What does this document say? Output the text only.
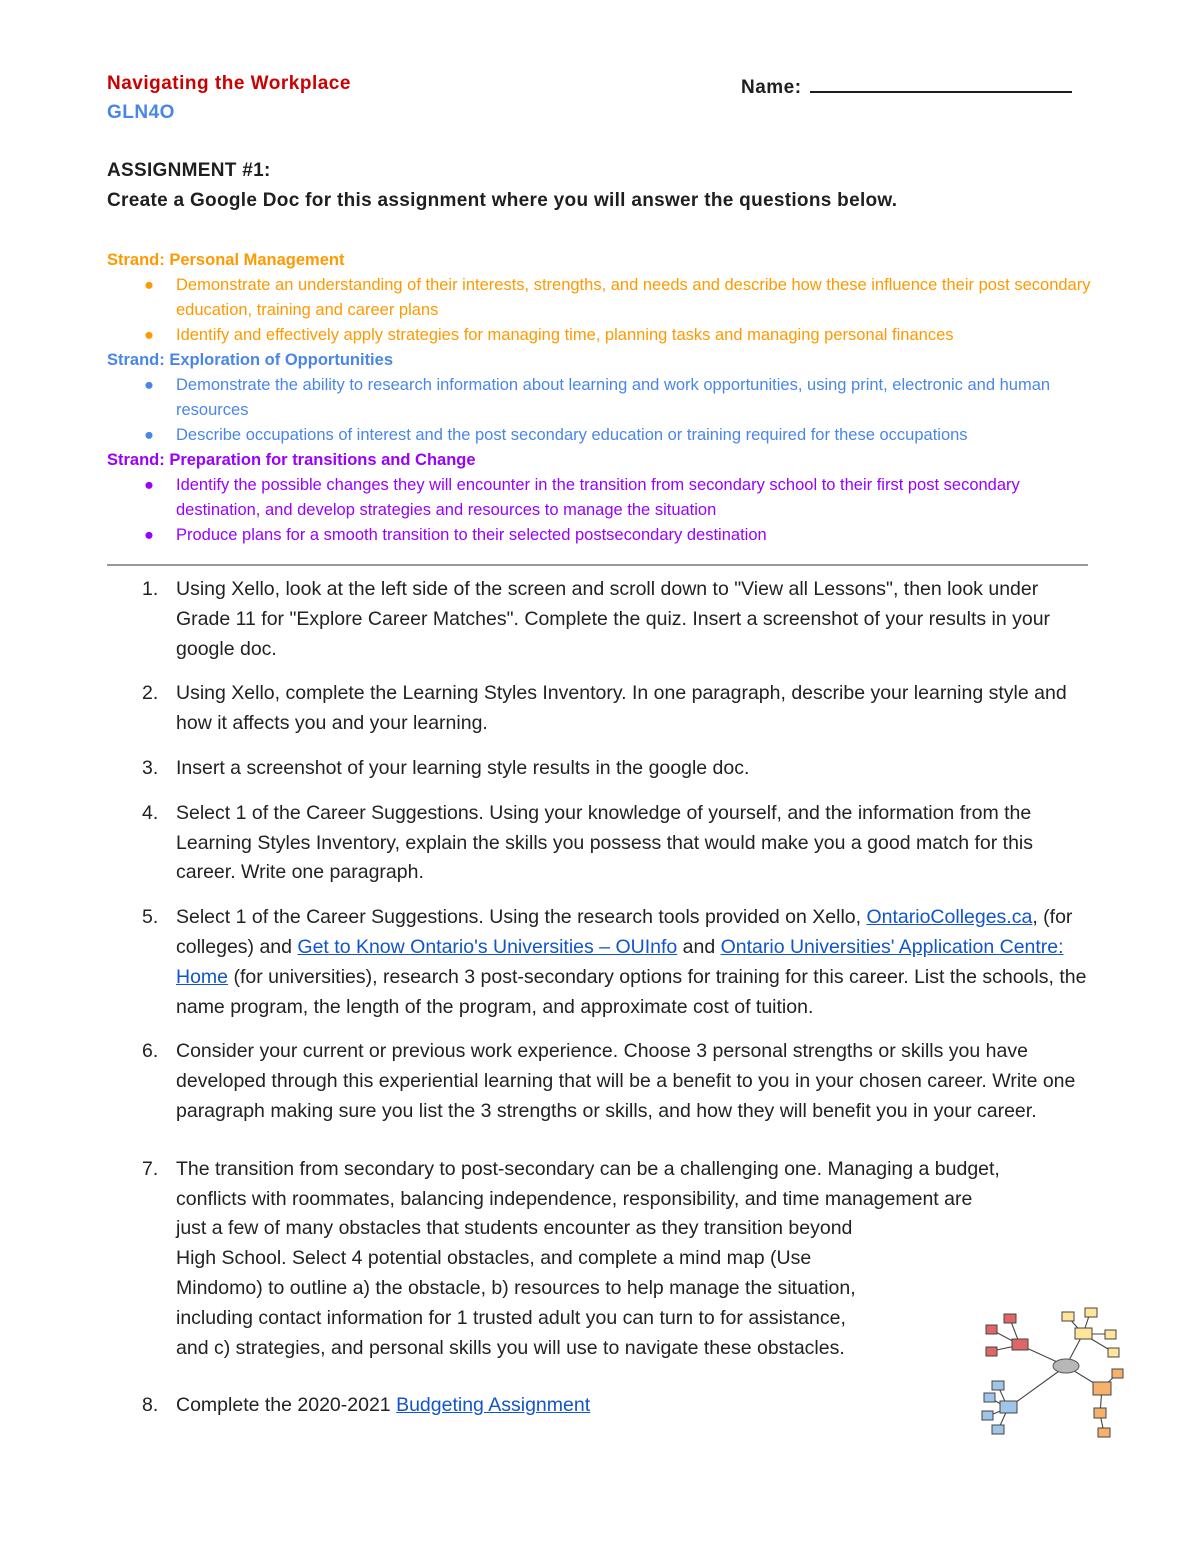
Navigating the Workplace
GLN4O
Name:
ASSIGNMENT #1:
Create a Google Doc for this assignment where you will answer the questions below.
Strand: Personal Management
● Demonstrate an understanding of their interests, strengths, and needs and describe how these influence their post secondary education, training and career plans
● Identify and effectively apply strategies for managing time, planning tasks and managing personal finances
Strand: Exploration of Opportunities
● Demonstrate the ability to research information about learning and work opportunities, using print, electronic and human resources
● Describe occupations of interest and the post secondary education or training required for these occupations
Strand: Preparation for transitions and Change
● Identify the possible changes they will encounter in the transition from secondary school to their first post secondary destination, and develop strategies and resources to manage the situation
● Produce plans for a smooth transition to their selected postsecondary destination
1. Using Xello, look at the left side of the screen and scroll down to "View all Lessons", then look under Grade 11 for "Explore Career Matches". Complete the quiz. Insert a screenshot of your results in your google doc.
2. Using Xello, complete the Learning Styles Inventory. In one paragraph, describe your learning style and how it affects you and your learning.
3. Insert a screenshot of your learning style results in the google doc.
4. Select 1 of the Career Suggestions. Using your knowledge of yourself, and the information from the Learning Styles Inventory, explain the skills you possess that would make you a good match for this career. Write one paragraph.
5. Select 1 of the Career Suggestions. Using the research tools provided on Xello, OntarioColleges.ca, (for colleges) and Get to Know Ontario's Universities – OUInfo and Ontario Universities' Application Centre: Home (for universities), research 3 post-secondary options for training for this career. List the schools, the name program, the length of the program, and approximate cost of tuition.
6. Consider your current or previous work experience. Choose 3 personal strengths or skills you have developed through this experiential learning that will be a benefit to you in your chosen career. Write one paragraph making sure you list the 3 strengths or skills, and how they will benefit you in your career.
7. The transition from secondary to post-secondary can be a challenging one. Managing a budget,
conflicts with roommates, balancing independence, responsibility, and time management are
just a few of many obstacles that students encounter as they transition beyond
High School. Select 4 potential obstacles, and complete a mind map (Use
Mindomo) to outline a) the obstacle, b) resources to help manage the situation,
including contact information for 1 trusted adult you can turn to for assistance,
and c) strategies, and personal skills you will use to navigate these obstacles.
8. Complete the 2020-2021 Budgeting Assignment
